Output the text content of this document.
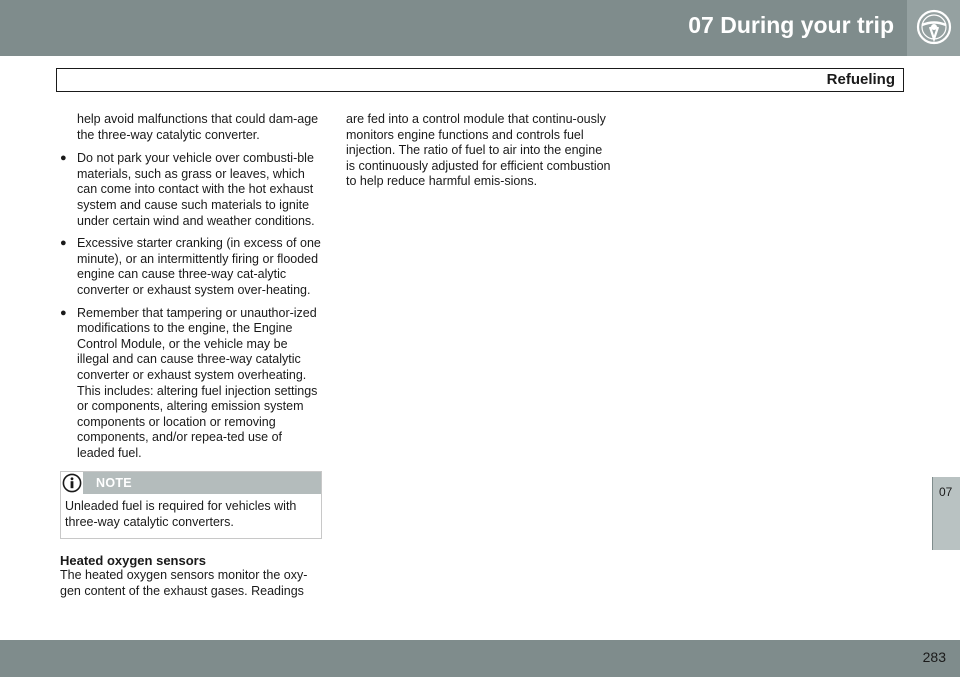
07 During your trip
Refueling

help avoid malfunctions that could dam-age the three-way catalytic converter.

● Do not park your vehicle over combusti-ble materials, such as grass or leaves, which can come into contact with the hot exhaust system and cause such materials to ignite under certain wind and weather conditions.
● Excessive starter cranking (in excess of one minute), or an intermittently firing or flooded engine can cause three-way cat-alytic converter or exhaust system over-heating.
● Remember that tampering or unauthor-ized modifications to the engine, the Engine Control Module, or the vehicle may be illegal and can cause three-way catalytic converter or exhaust system overheating. This includes: altering fuel injection settings or components, altering emission system components or location or removing components, and/or repea-ted use of leaded fuel.
NOTE
Unleaded fuel is required for vehicles with three-way catalytic converters.

Heated oxygen sensors

The heated oxygen sensors monitor the oxy-gen content of the exhaust gases. Readings

are fed into a control module that continu-ously monitors engine functions and controls fuel injection. The ratio of fuel to air into the engine is continuously adjusted for efficient combustion to help reduce harmful emis-sions.

07
283
